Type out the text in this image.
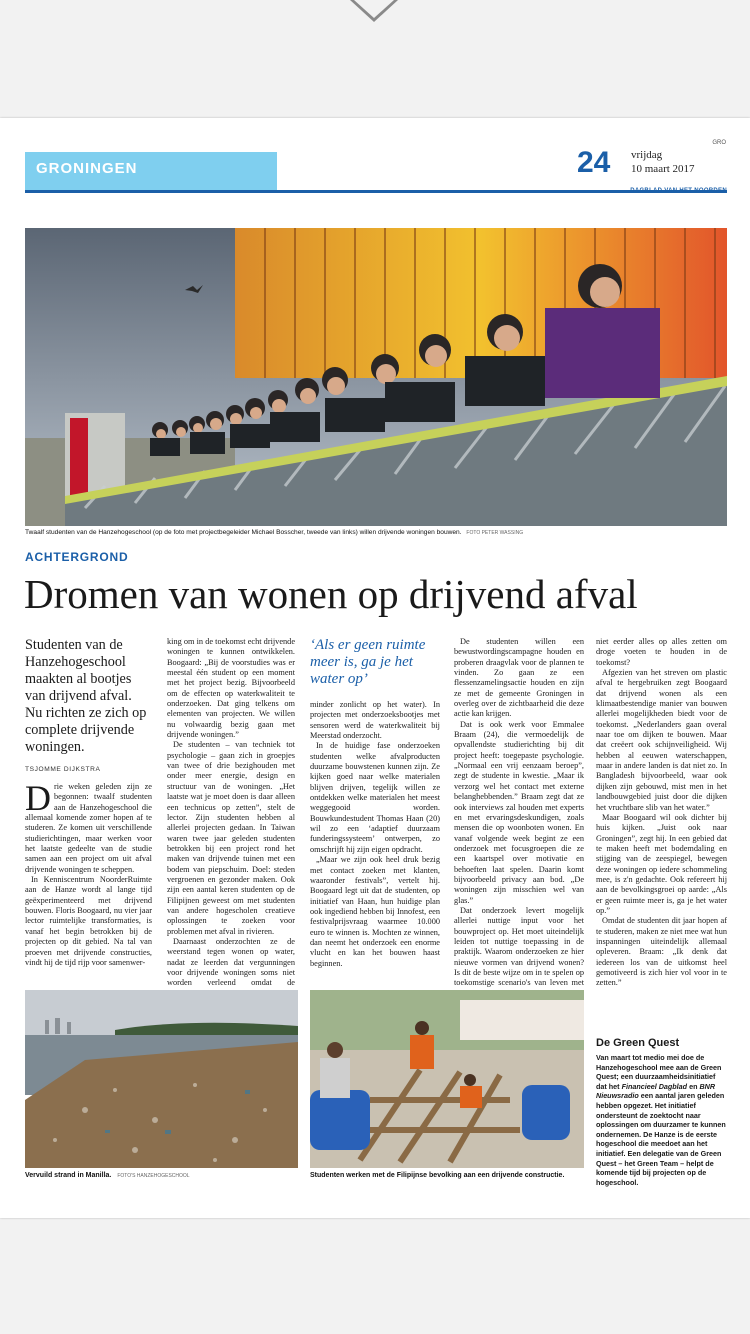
GRO
GRONINGEN	24 vrijdag
10 maart 2017
DAGBLAD VAN HET NOORDEN
Twaalf studenten van de Hanzehogeschool (op de foto met projectbegeleider Michael Bosscher, tweede van links) willen drijvende woningen bouwen. FOTO PETER WASSING
ACHTERGROND
Dromen van wonen op drijvend afval
Studenten van de Hanzehogeschool maakten al bootjes van drijvend afval. Nu richten ze zich op complete drijvende woningen.
TSJOMME DIJKSTRA

Drie weken geleden zijn ze begonnen: twaalf studenten aan de Hanzehogeschool die allemaal komende zomer hopen af te studeren. Ze komen uit verschillende studierichtingen, maar werken voor het laatste gedeelte van de studie samen aan een project om uit afval drijvende woningen te scheppen.

In Kenniscentrum NoorderRuimte aan de Hanze wordt al lange tijd geëxperimenteerd met drijvend bouwen. Floris Boogaard, nu vier jaar lector ruimtelijke transformaties, is vanaf het begin betrokken bij de projecten op dit gebied. Na tal van proeven met drijvende constructies, vindt hij de tijd rijp voor samenwer-

king om in de toekomst echt drijvende woningen te kunnen ontwikkelen. Boogaard: „Bij de voorstudies was er meestal één student op een moment met het project bezig. Bijvoorbeeld om de effecten op waterkwaliteit te onderzoeken. Dat ging telkens om elementen van projecten. We willen nu volwaardig bezig gaan met drijvende woningen.”

De studenten – van techniek tot psychologie – gaan zich in groepjes van twee of drie bezighouden met onder meer energie, design en structuur van de woningen. „Het laatste wat je moet doen is daar alleen een technicus op zetten”, stelt de lector. Zijn studenten hebben al allerlei projecten gedaan. In Taiwan waren twee jaar geleden studenten betrokken bij een project rond het maken van drijvende tuinen met een bodem van piepschuim. Doel: steden vergroenen en gezonder maken. Ook zijn een aantal keren studenten op de Filipijnen geweest om met studenten van andere hogescholen creatieve oplossingen te zoeken voor problemen met afval in rivieren.

Daarnaast onderzochten ze de weerstand tegen wonen op water, nadat ze leerden dat vergunningen voor drijvende woningen soms niet worden verleend omdat de

‘Als er geen ruimte meer is, ga je het water op’

minder zonlicht op het water). In projecten met onderzoeksbootjes met sensoren werd de waterkwaliteit bij Meerstad onderzocht.

In de huidige fase onderzoeken studenten welke afvalproducten duurzame bouwstenen kunnen zijn. Ze kijken goed naar welke materialen blijven drijven, tegelijk willen ze ontdekken welke materialen het meest weggegooid worden. Bouwkundestudent Thomas Haan (20) wil zo een ‘adaptief duurzaam funderingssysteem’ ontwerpen, zo omschrijft hij zijn eigen opdracht.

„Maar we zijn ook heel druk bezig met contact zoeken met klanten, waaronder festivals”, vertelt hij. Boogaard legt uit dat de studenten, op initiatief van Haan, hun huidige plan ook ingediend hebben bij Innofest, een festivalprijsvraag waarmee 10.000 euro te winnen is. Mochten ze winnen, dan neemt het onderzoek een enorme vlucht en kan het bouwen haast beginnen.

De studenten willen een bewustwordingscampagne houden en proberen draagvlak voor de plannen te vinden. Zo gaan ze een flessenzamelingsactie houden en zijn ze met de gemeente Groningen in overleg over de zichtbaarheid die deze actie kan krijgen.

Dat is ook werk voor Emmalee Braam (24), die vermoedelijk de opvallendste studierichting bij dit project heeft: toegepaste psychologie. „Normaal een vrij eenzaam beroep”, zegt de studente in kwestie. „Maar ik verzorg wel het contact met externe belanghebbenden.” Braam zegt dat ze ook interviews zal houden met experts en met ervaringsdeskundigen, zoals mensen die op woonboten wonen. En vanaf volgende week begint ze een onderzoek met focusgroepen die ze een kaartspel over motivatie en behoeften laat spelen. Daarin komt bijvoorbeeld privacy aan bod. „De woningen zijn misschien wel van glas.”

Dat onderzoek levert mogelijk allerlei nuttige input voor het bouwproject op. Het moet uiteindelijk leiden tot nuttige toepassing in de praktijk. Waarom onderzoeken ze hier nieuwe vormen van drijvend wonen? Is dit de beste wijze om in te spelen op toekomstige scenario's van leven met

niet eerder alles op alles zetten om droge voeten te houden in de toekomst?

Afgezien van het streven om plastic afval te hergebruiken zegt Boogaard dat drijvend wonen als een klimaatbestendige manier van bouwen allerlei mogelijkheden biedt voor de toekomst. „Nederlanders gaan overal naar toe om dijken te bouwen. Maar dat creëert ook schijnveiligheid. Wij hebben al eeuwen waterschappen, maar in andere landen is dat niet zo. In Bangladesh bijvoorbeeld, waar ook dijken zijn gebouwd, mist men in het landbouwgebied juist door die dijken het vruchtbare slib van het water.”

Maar Boogaard wil ook dichter bij huis kijken. „Juist ook naar Groningen”, zegt hij. In een gebied dat te maken heeft met bodemdaling en stijging van de zeespiegel, bewegen deze woningen op iedere schommeling mee, is z'n gedachte. Ook refereert hij aan de bevolkingsgroei op aarde: „Als er geen ruimte meer is, ga je het water op.”

Omdat de studenten dit jaar hopen af te studeren, maken ze niet mee wat hun inspanningen uiteindelijk allemaal opleveren. Braam: „Ik denk dat iedereen los van de uitkomst heel gemotiveerd is zich hier vol voor in te zetten.”

Vervuild strand in Manilla. FOTO'S HANZEHOGESCHOOL	Studenten werken met de Filipijnse bevolking aan een drijvende constructie.
De Green Quest

Van maart tot medio mei doe de Hanzehogeschool mee aan de Green Quest; een duurzaamheidsinitiatief dat het Financieel Dagblad en BNR Nieuwsradio een aantal jaren geleden hebben opgezet. Het initiatief ondersteunt de zoektocht naar oplossingen om duurzamer te kunnen ondernemen. De Hanze is de eerste hogeschool die meedoet aan het initiatief. Een delegatie van de Green Quest – het Green Team – helpt de komende tijd bij projecten op de hogeschool.
